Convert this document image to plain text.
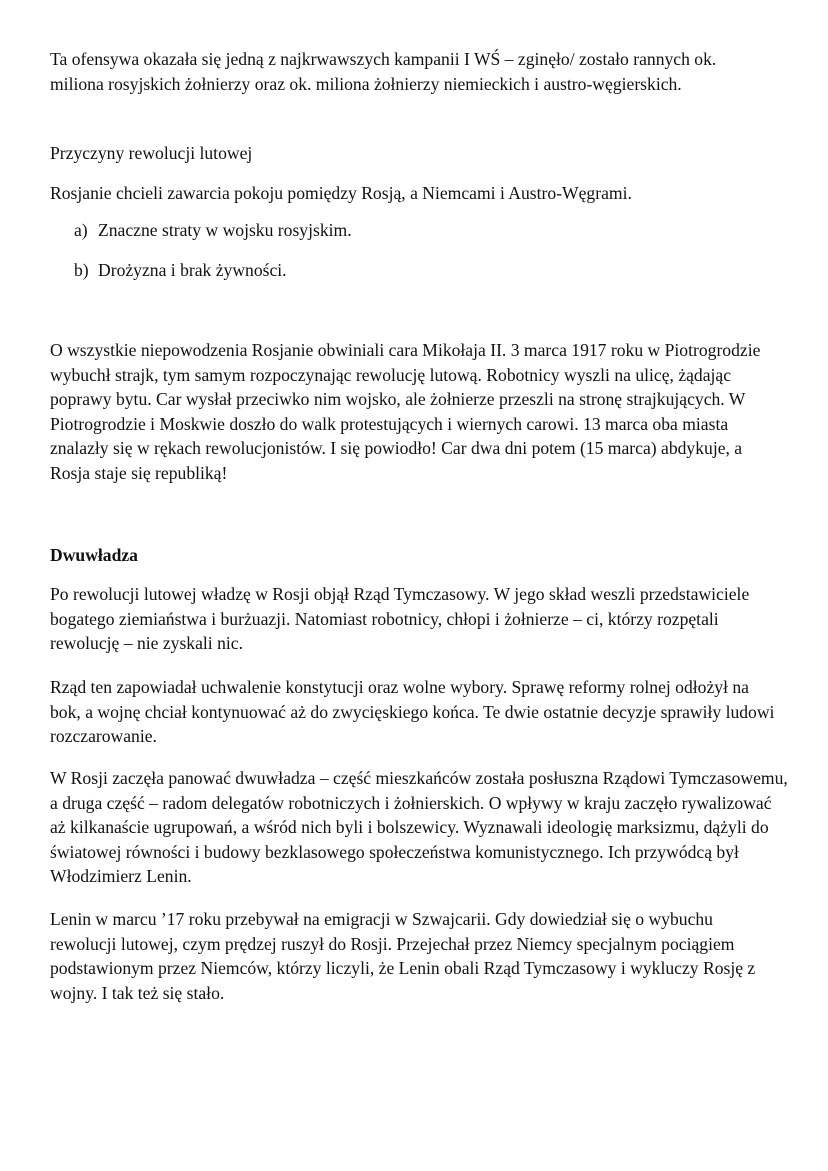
Ta ofensywa okazała się jedną z najkrwawszych kampanii I WŚ – zginęło/ zostało rannych ok. miliona rosyjskich żołnierzy oraz ok. miliona żołnierzy niemieckich i austro-węgierskich.

Przyczyny rewolucji lutowej

Rosjanie chcieli zawarcia pokoju pomiędzy Rosją, a Niemcami i Austro-Węgrami.

a) Znaczne straty w wojsku rosyjskim.
b) Drożyzna i brak żywności.

O wszystkie niepowodzenia Rosjanie obwiniali cara Mikołaja II. 3 marca 1917 roku w Piotrogrodzie wybuchł strajk, tym samym rozpoczynając rewolucję lutową. Robotnicy wyszli na ulicę, żądając poprawy bytu. Car wysłał przeciwko nim wojsko, ale żołnierze przeszli na stronę strajkujących. W Piotrogrodzie i Moskwie doszło do walk protestujących i wiernych carowi. 13 marca oba miasta znalazły się w rękach rewolucjonistów. I się powiodło! Car dwa dni potem (15 marca) abdykuje, a Rosja staje się republiką!

Dwuwładza

Po rewolucji lutowej władzę w Rosji objął Rząd Tymczasowy. W jego skład weszli przedstawiciele bogatego ziemiaństwa i burżuazji. Natomiast robotnicy, chłopi i żołnierze – ci, którzy rozpętali rewolucję – nie zyskali nic.

Rząd ten zapowiadał uchwalenie konstytucji oraz wolne wybory. Sprawę reformy rolnej odłożył na bok, a wojnę chciał kontynuować aż do zwycięskiego końca. Te dwie ostatnie decyzje sprawiły ludowi rozczarowanie.

W Rosji zaczęła panować dwuwładza – część mieszkańców została posłuszna Rządowi Tymczasowemu, a druga część – radom delegatów robotniczych i żołnierskich. O wpływy w kraju zaczęło rywalizować aż kilkanaście ugrupowań, a wśród nich byli i bolszewicy. Wyznawali ideologię marksizmu, dążyli do światowej równości i budowy bezklasowego społeczeństwa komunistycznego. Ich przywódcą był Włodzimierz Lenin.

Lenin w marcu ’17 roku przebywał na emigracji w Szwajcarii. Gdy dowiedział się o wybuchu rewolucji lutowej, czym prędzej ruszył do Rosji. Przejechał przez Niemcy specjalnym pociągiem podstawionym przez Niemców, którzy liczyli, że Lenin obali Rząd Tymczasowy i wykluczy Rosję z wojny. I tak też się stało.
